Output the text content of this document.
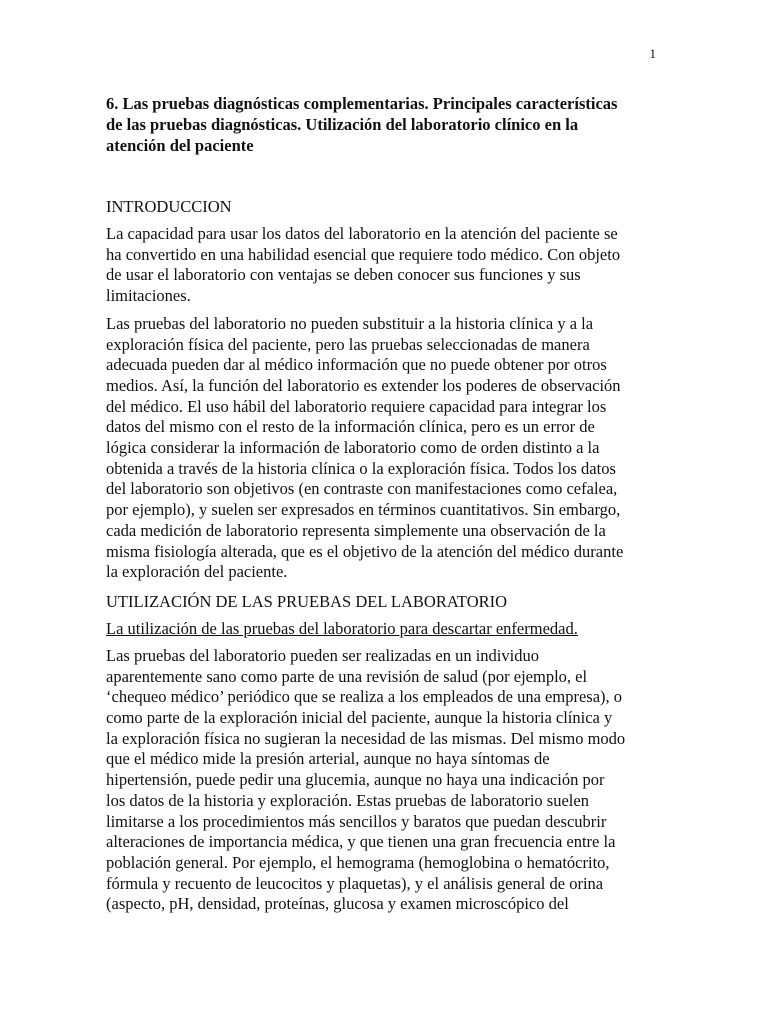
1
6. Las pruebas diagnósticas complementarias. Principales características
de las pruebas diagnósticas. Utilización del laboratorio clínico en la
atención del paciente
INTRODUCCION

La capacidad para usar los datos del laboratorio en la atención del paciente se
ha convertido en una habilidad esencial que requiere todo médico. Con objeto
de usar el laboratorio con ventajas se deben conocer sus funciones y sus
limitaciones.

Las pruebas del laboratorio no pueden substituir a la historia clínica y a la
exploración física del paciente, pero las pruebas seleccionadas de manera
adecuada pueden dar al médico información que no puede obtener por otros
medios. Así, la función del laboratorio es extender los poderes de observación
del médico. El uso hábil del laboratorio requiere capacidad para integrar los
datos del mismo con el resto de la información clínica, pero es un error de
lógica considerar la información de laboratorio como de orden distinto a la
obtenida a través de la historia clínica o la exploración física. Todos los datos
del laboratorio son objetivos (en contraste con manifestaciones como cefalea,
por ejemplo), y suelen ser expresados en términos cuantitativos. Sin embargo,
cada medición de laboratorio representa simplemente una observación de la
misma fisiología alterada, que es el objetivo de la atención del médico durante
la exploración del paciente.

UTILIZACIÓN DE LAS PRUEBAS DEL LABORATORIO

La utilización de las pruebas del laboratorio para descartar enfermedad.

Las pruebas del laboratorio pueden ser realizadas en un individuo
aparentemente sano como parte de una revisión de salud (por ejemplo, el
‘chequeo médico’ periódico que se realiza a los empleados de una empresa), o
como parte de la exploración inicial del paciente, aunque la historia clínica y
la exploración física no sugieran la necesidad de las mismas. Del mismo modo
que el médico mide la presión arterial, aunque no haya síntomas de
hipertensión, puede pedir una glucemia, aunque no haya una indicación por
los datos de la historia y exploración. Estas pruebas de laboratorio suelen
limitarse a los procedimientos más sencillos y baratos que puedan descubrir
alteraciones de importancia médica, y que tienen una gran frecuencia entre la
población general. Por ejemplo, el hemograma (hemoglobina o hematócrito,
fórmula y recuento de leucocitos y plaquetas), y el análisis general de orina
(aspecto, pH, densidad, proteínas, glucosa y examen microscópico del
